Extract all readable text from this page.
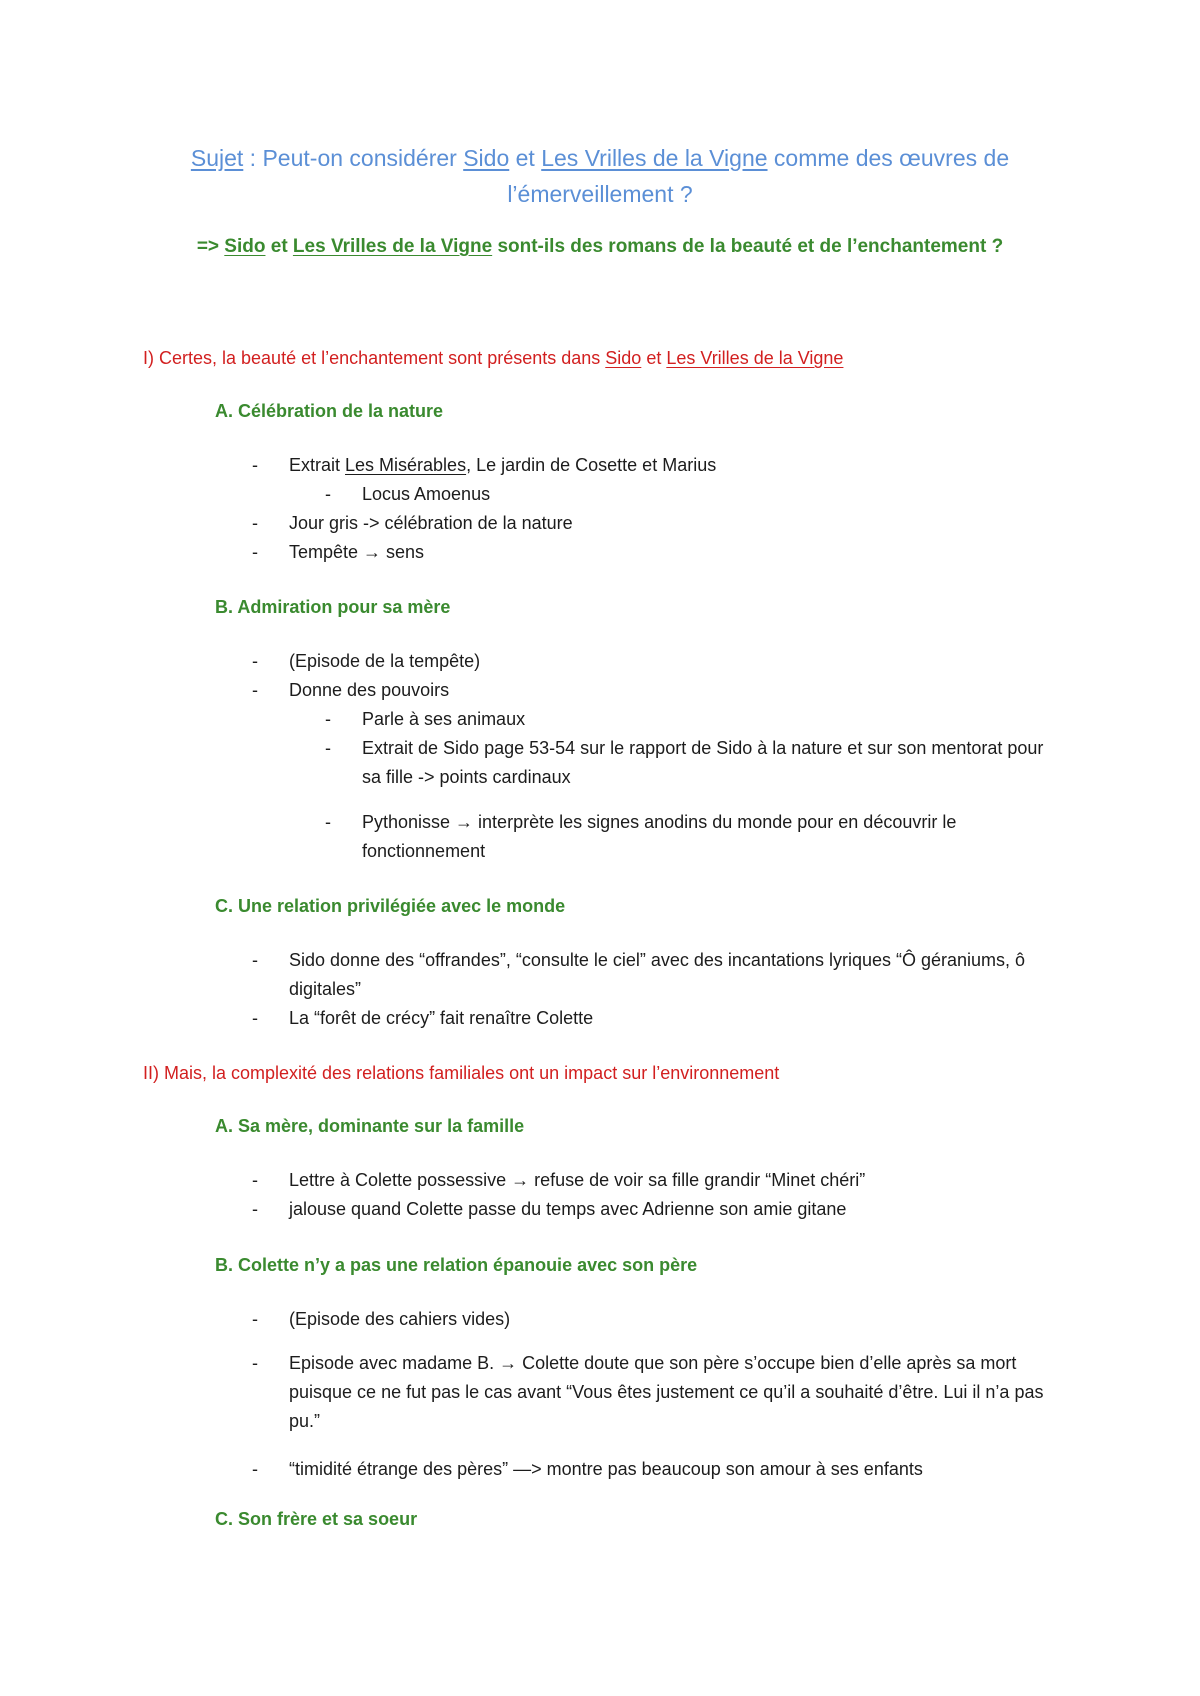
Sujet : Peut-on considérer Sido et Les Vrilles de la Vigne comme des œuvres de l’émerveillement ?
=> Sido et Les Vrilles de la Vigne sont-ils des romans de la beauté et de l’enchantement ?
I) Certes, la beauté et l’enchantement sont présents dans Sido et Les Vrilles de la Vigne
A. Célébration de la nature
- Extrait Les Misérables, Le jardin de Cosette et Marius
- Locus Amoenus
- Jour gris -> célébration de la nature
- Tempête → sens
B. Admiration pour sa mère
- (Episode de la tempête)
- Donne des pouvoirs
- Parle à ses animaux
- Extrait de Sido page 53-54 sur le rapport de Sido à la nature et sur son mentorat pour sa fille -> points cardinaux
- Pythonisse → interprète les signes anodins du monde pour en découvrir le fonctionnement
C. Une relation privilégiée avec le monde
- Sido donne des “offrandes”, “consulte le ciel” avec des incantations lyriques “Ô géraniums, ô digitales”
- La “forêt de crécy” fait renaître Colette
II) Mais, la complexité des relations familiales ont un impact sur l’environnement
A. Sa mère, dominante sur la famille
- Lettre à Colette possessive → refuse de voir sa fille grandir “Minet chéri”
- jalouse quand Colette passe du temps avec Adrienne son amie gitane
B. Colette n’y a pas une relation épanouie avec son père
- (Episode des cahiers vides)
- Episode avec madame B. → Colette doute que son père s’occupe bien d’elle après sa mort puisque ce ne fut pas le cas avant “Vous êtes justement ce qu’il a souhaité d’être. Lui il n’a pas pu.”
- “timidité étrange des pères” —> montre pas beaucoup son amour à ses enfants
C. Son frère et sa soeur
